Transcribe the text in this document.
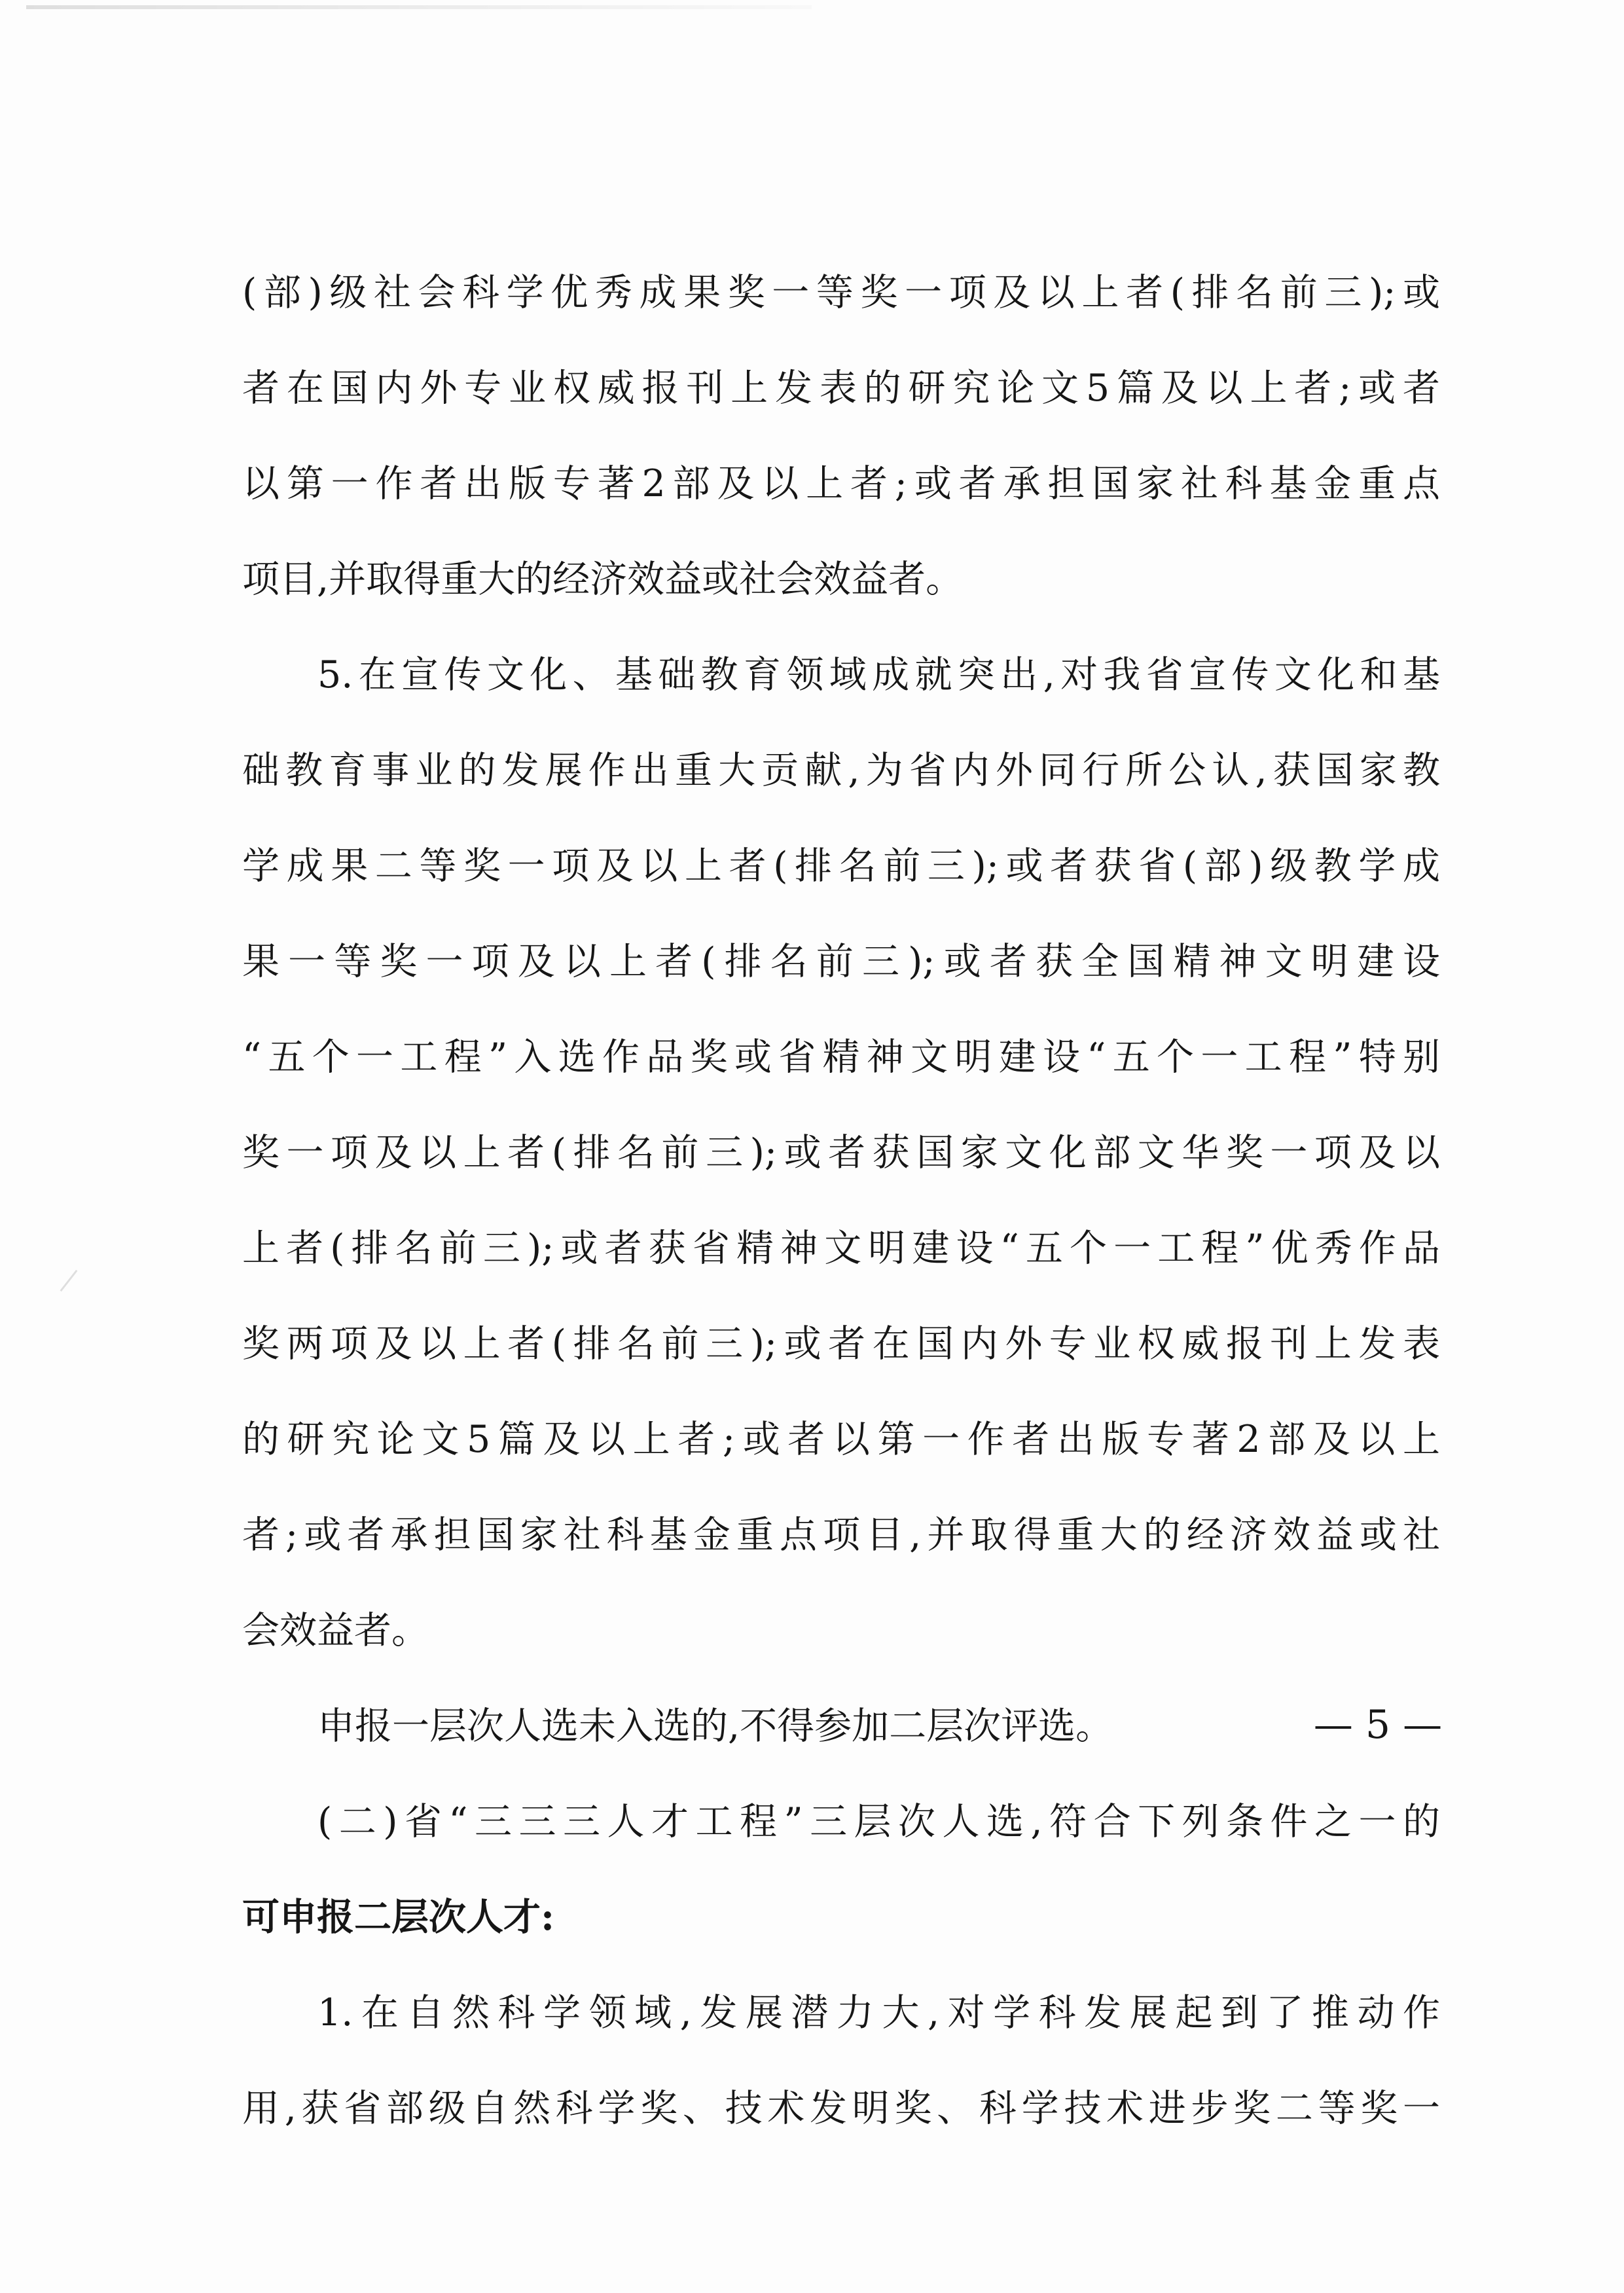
(部)级社会科学优秀成果奖一等奖一项及以上者(排名前三);或
者在国内外专业权威报刊上发表的研究论文5篇及以上者;或者
以第一作者出版专著2部及以上者;或者承担国家社科基金重点
项目,并取得重大的经济效益或社会效益者。
5.在宣传文化、基础教育领域成就突出,对我省宣传文化和基
础教育事业的发展作出重大贡献,为省内外同行所公认,获国家教
学成果二等奖一项及以上者(排名前三);或者获省(部)级教学成
果一等奖一项及以上者(排名前三);或者获全国精神文明建设
“五个一工程”入选作品奖或省精神文明建设“五个一工程”特别
奖一项及以上者(排名前三);或者获国家文化部文华奖一项及以
上者(排名前三);或者获省精神文明建设“五个一工程”优秀作品
奖两项及以上者(排名前三);或者在国内外专业权威报刊上发表
的研究论文5篇及以上者;或者以第一作者出版专著2部及以上
者;或者承担国家社科基金重点项目,并取得重大的经济效益或社
会效益者。
申报一层次人选未入选的,不得参加二层次评选。
(二)省“三三三人才工程”三层次人选,符合下列条件之一的
可申报二层次人才:
1.在自然科学领域,发展潜力大,对学科发展起到了推动作
用,获省部级自然科学奖、技术发明奖、科学技术进步奖二等奖一
— 5 —
